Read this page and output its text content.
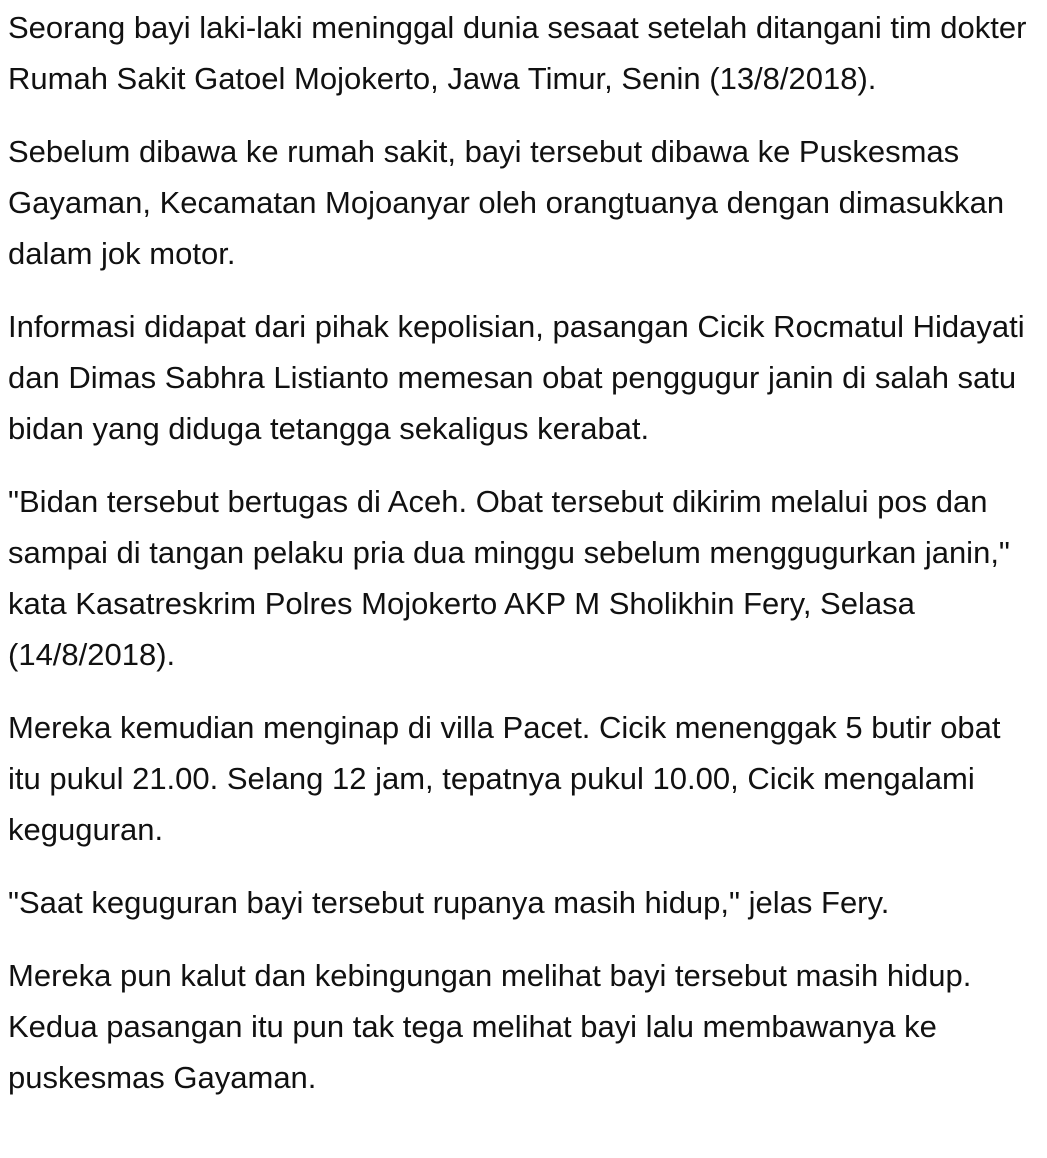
Seorang bayi laki-laki meninggal dunia sesaat setelah ditangani tim dokter Rumah Sakit Gatoel Mojokerto, Jawa Timur, Senin (13/8/2018).

Sebelum dibawa ke rumah sakit, bayi tersebut dibawa ke Puskesmas Gayaman, Kecamatan Mojoanyar oleh orangtuanya dengan dimasukkan dalam jok motor.

Informasi didapat dari pihak kepolisian, pasangan Cicik Rocmatul Hidayati dan Dimas Sabhra Listianto memesan obat penggugur janin di salah satu bidan yang diduga tetangga sekaligus kerabat.

"Bidan tersebut bertugas di Aceh. Obat tersebut dikirim melalui pos dan sampai di tangan pelaku pria dua minggu sebelum menggugurkan janin," kata Kasatreskrim Polres Mojokerto AKP M Sholikhin Fery, Selasa (14/8/2018).

Mereka kemudian menginap di villa Pacet. Cicik menenggak 5 butir obat itu pukul 21.00. Selang 12 jam, tepatnya pukul 10.00, Cicik mengalami keguguran.

"Saat keguguran bayi tersebut rupanya masih hidup," jelas Fery.

Mereka pun kalut dan kebingungan melihat bayi tersebut masih hidup. Kedua pasangan itu pun tak tega melihat bayi lalu membawanya ke puskesmas Gayaman.
